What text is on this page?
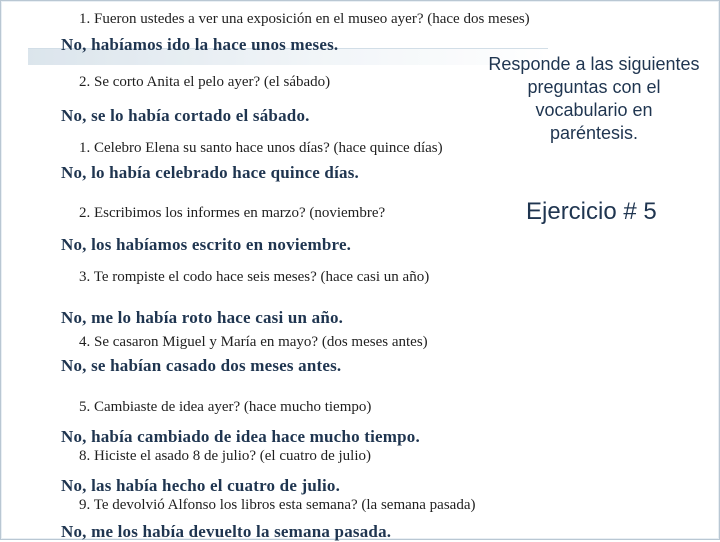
1. Fueron ustedes a ver una exposición en el museo ayer? (hace dos meses)
No, habíamos ido la hace unos meses.
2. Se corto Anita el pelo ayer? (el sábado)
No, se lo había cortado el sábado.
1. Celebro Elena su santo hace unos días? (hace quince días)
No, lo había celebrado hace quince días.
2. Escribimos los informes en marzo? (noviembre?
No, los habíamos escrito en noviembre.
3. Te rompiste el codo hace seis meses? (hace casi un año)
No, me lo había roto hace casi un año.
4. Se casaron Miguel y María en mayo? (dos meses antes)
No, se habían casado dos meses antes.
5. Cambiaste de idea ayer? (hace mucho tiempo)
No, había cambiado de idea hace mucho tiempo.
8. Hiciste el asado 8 de julio? (el cuatro de julio)
No, las había hecho el cuatro de julio.
9. Te devolvió Alfonso los libros esta semana? (la semana pasada)
No, me los había devuelto la semana pasada.
Responde a las siguientes
preguntas con el
vocabulario en
paréntesis.
Ejercicio # 5
